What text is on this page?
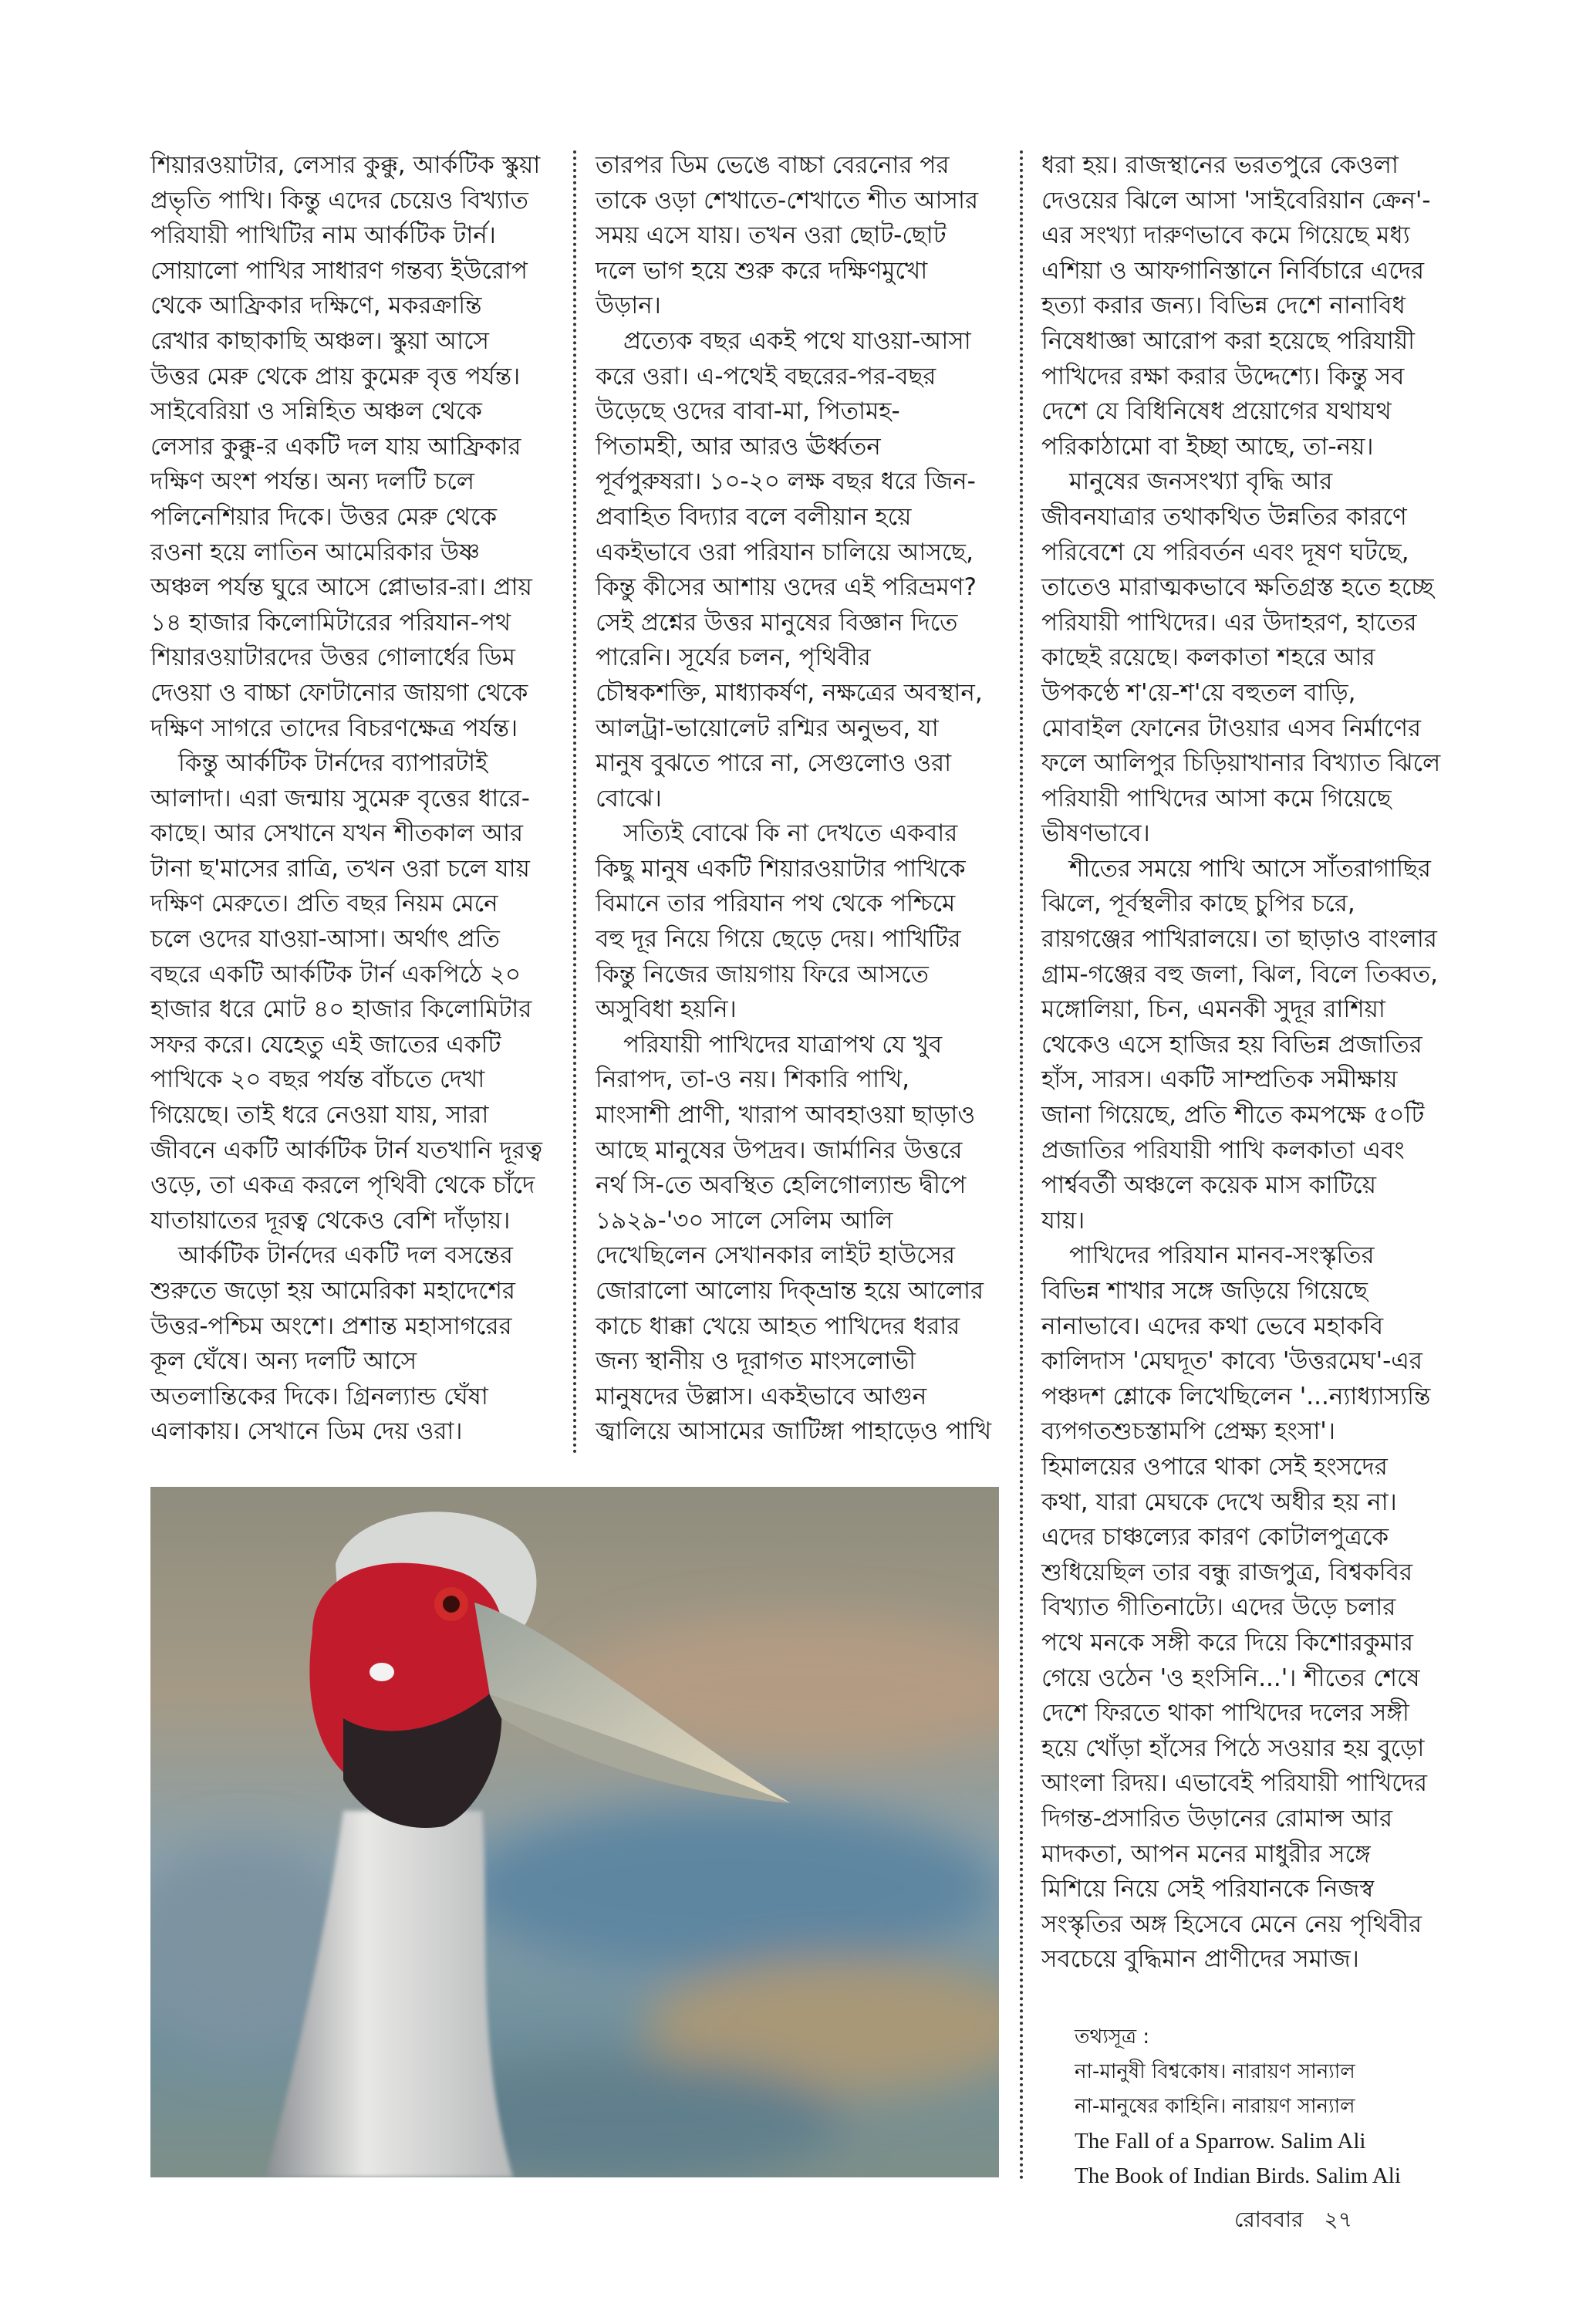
শিয়ারওয়াটার, লেসার কুক্কু, আর্কটিক স্কুয়া
প্রভৃতি পাখি। কিন্তু এদের চেয়েও বিখ্যাত
পরিযায়ী পাখিটির নাম আর্কটিক টার্ন।
সোয়ালো পাখির সাধারণ গন্তব্য ইউরোপ
থেকে আফ্রিকার দক্ষিণে, মকরক্রান্তি
রেখার কাছাকাছি অঞ্চল। স্কুয়া আসে
উত্তর মেরু থেকে প্রায় কুমেরু বৃত্ত পর্যন্ত।
সাইবেরিয়া ও সন্নিহিত অঞ্চল থেকে
লেসার কুক্কু-র একটি দল যায় আফ্রিকার
দক্ষিণ অংশ পর্যন্ত। অন্য দলটি চলে
পলিনেশিয়ার দিকে। উত্তর মেরু থেকে
রওনা হয়ে লাতিন আমেরিকার উষ্ণ
অঞ্চল পর্যন্ত ঘুরে আসে প্লোভার-রা। প্রায়
১৪ হাজার কিলোমিটারের পরিযান-পথ
শিয়ারওয়াটারদের উত্তর গোলার্ধের ডিম
দেওয়া ও বাচ্চা ফোটানোর জায়গা থেকে
দক্ষিণ সাগরে তাদের বিচরণক্ষেত্র পর্যন্ত।
কিন্তু আর্কটিক টার্নদের ব্যাপারটাই
আলাদা। এরা জন্মায় সুমেরু বৃত্তের ধারে-
কাছে। আর সেখানে যখন শীতকাল আর
টানা ছ'মাসের রাত্রি, তখন ওরা চলে যায়
দক্ষিণ মেরুতে। প্রতি বছর নিয়ম মেনে
চলে ওদের যাওয়া-আসা। অর্থাৎ প্রতি
বছরে একটি আর্কটিক টার্ন একপিঠে ২০
হাজার ধরে মোট ৪০ হাজার কিলোমিটার
সফর করে। যেহেতু এই জাতের একটি
পাখিকে ২০ বছর পর্যন্ত বাঁচতে দেখা
গিয়েছে। তাই ধরে নেওয়া যায়, সারা
জীবনে একটি আর্কটিক টার্ন যতখানি দূরত্ব
ওড়ে, তা একত্র করলে পৃথিবী থেকে চাঁদে
যাতায়াতের দূরত্ব থেকেও বেশি দাঁড়ায়।
আর্কটিক টার্নদের একটি দল বসন্তের
শুরুতে জড়ো হয় আমেরিকা মহাদেশের
উত্তর-পশ্চিম অংশে। প্রশান্ত মহাসাগরের
কূল ঘেঁষে। অন্য দলটি আসে
অতলান্তিকের দিকে। গ্রিনল্যান্ড ঘেঁষা
এলাকায়। সেখানে ডিম দেয় ওরা।
তারপর ডিম ভেঙে বাচ্চা বেরনোর পর
তাকে ওড়া শেখাতে-শেখাতে শীত আসার
সময় এসে যায়। তখন ওরা ছোট-ছোট
দলে ভাগ হয়ে শুরু করে দক্ষিণমুখো
উড়ান।
প্রত্যেক বছর একই পথে যাওয়া-আসা
করে ওরা। এ-পথেই বছরের-পর-বছর
উড়েছে ওদের বাবা-মা, পিতামহ-
পিতামহী, আর আরও ঊর্ধ্বতন
পূর্বপুরুষরা। ১০-২০ লক্ষ বছর ধরে জিন-
প্রবাহিত বিদ্যার বলে বলীয়ান হয়ে
একইভাবে ওরা পরিযান চালিয়ে আসছে,
কিন্তু কীসের আশায় ওদের এই পরিভ্রমণ?
সেই প্রশ্নের উত্তর মানুষের বিজ্ঞান দিতে
পারেনি। সূর্যের চলন, পৃথিবীর
চৌম্বকশক্তি, মাধ্যাকর্ষণ, নক্ষত্রের অবস্থান,
আলট্রা-ভায়োলেট রশ্মির অনুভব, যা
মানুষ বুঝতে পারে না, সেগুলোও ওরা
বোঝে।
সত্যিই বোঝে কি না দেখতে একবার
কিছু মানুষ একটি শিয়ারওয়াটার পাখিকে
বিমানে তার পরিযান পথ থেকে পশ্চিমে
বহু দূর নিয়ে গিয়ে ছেড়ে দেয়। পাখিটির
কিন্তু নিজের জায়গায় ফিরে আসতে
অসুবিধা হয়নি।
পরিযায়ী পাখিদের যাত্রাপথ যে খুব
নিরাপদ, তা-ও নয়। শিকারি পাখি,
মাংসাশী প্রাণী, খারাপ আবহাওয়া ছাড়াও
আছে মানুষের উপদ্রব। জার্মানির উত্তরে
নর্থ সি-তে অবস্থিত হেলিগোল্যান্ড দ্বীপে
১৯২৯-'৩০ সালে সেলিম আলি
দেখেছিলেন সেখানকার লাইট হাউসের
জোরালো আলোয় দিক্‌ভ্রান্ত হয়ে আলোর
কাচে ধাক্কা খেয়ে আহত পাখিদের ধরার
জন্য স্থানীয় ও দূরাগত মাংসলোভী
মানুষদের উল্লাস। একইভাবে আগুন
জ্বালিয়ে আসামের জাটিঙ্গা পাহাড়েও পাখি
ধরা হয়। রাজস্থানের ভরতপুরে কেওলা
দেওয়ের ঝিলে আসা 'সাইবেরিয়ান ক্রেন'-
এর সংখ্যা দারুণভাবে কমে গিয়েছে মধ্য
এশিয়া ও আফগানিস্তানে নির্বিচারে এদের
হত্যা করার জন্য। বিভিন্ন দেশে নানাবিধ
নিষেধাজ্ঞা আরোপ করা হয়েছে পরিযায়ী
পাখিদের রক্ষা করার উদ্দেশ্যে। কিন্তু সব
দেশে যে বিধিনিষেধ প্রয়োগের যথাযথ
পরিকাঠামো বা ইচ্ছা আছে, তা-নয়।
মানুষের জনসংখ্যা বৃদ্ধি আর
জীবনযাত্রার তথাকথিত উন্নতির কারণে
পরিবেশে যে পরিবর্তন এবং দূষণ ঘটছে,
তাতেও মারাত্মকভাবে ক্ষতিগ্রস্ত হতে হচ্ছে
পরিযায়ী পাখিদের। এর উদাহরণ, হাতের
কাছেই রয়েছে। কলকাতা শহরে আর
উপকণ্ঠে শ'য়ে-শ'য়ে বহুতল বাড়ি,
মোবাইল ফোনের টাওয়ার এসব নির্মাণের
ফলে আলিপুর চিড়িয়াখানার বিখ্যাত ঝিলে
পরিযায়ী পাখিদের আসা কমে গিয়েছে
ভীষণভাবে।
শীতের সময়ে পাখি আসে সাঁতরাগাছির
ঝিলে, পূর্বস্থলীর কাছে চুপির চরে,
রায়গঞ্জের পাখিরালয়ে। তা ছাড়াও বাংলার
গ্রাম-গঞ্জের বহু জলা, ঝিল, বিলে তিব্বত,
মঙ্গোলিয়া, চিন, এমনকী সুদূর রাশিয়া
থেকেও এসে হাজির হয় বিভিন্ন প্রজাতির
হাঁস, সারস। একটি সাম্প্রতিক সমীক্ষায়
জানা গিয়েছে, প্রতি শীতে কমপক্ষে ৫০টি
প্রজাতির পরিযায়ী পাখি কলকাতা এবং
পার্শ্ববর্তী অঞ্চলে কয়েক মাস কাটিয়ে
যায়।
পাখিদের পরিযান মানব-সংস্কৃতির
বিভিন্ন শাখার সঙ্গে জড়িয়ে গিয়েছে
নানাভাবে। এদের কথা ভেবে মহাকবি
কালিদাস 'মেঘদূত' কাব্যে 'উত্তরমেঘ'-এর
পঞ্চদশ শ্লোকে লিখেছিলেন '...ন্যাধ্যাস্যন্তি
ব্যপগতশুচস্তামপি প্রেক্ষ্য হংসা'।
হিমালয়ের ওপারে থাকা সেই হংসদের
কথা, যারা মেঘকে দেখে অধীর হয় না।
এদের চাঞ্চল্যের কারণ কোটালপুত্রকে
শুধিয়েছিল তার বন্ধু রাজপুত্র, বিশ্বকবির
বিখ্যাত গীতিনাট্যে। এদের উড়ে চলার
পথে মনকে সঙ্গী করে দিয়ে কিশোরকুমার
গেয়ে ওঠেন 'ও হংসিনি...'। শীতের শেষে
দেশে ফিরতে থাকা পাখিদের দলের সঙ্গী
হয়ে খোঁড়া হাঁসের পিঠে সওয়ার হয় বুড়ো
আংলা রিদয়। এভাবেই পরিযায়ী পাখিদের
দিগন্ত-প্রসারিত উড়ানের রোমান্স আর
মাদকতা, আপন মনের মাধুরীর সঙ্গে
মিশিয়ে নিয়ে সেই পরিযানকে নিজস্ব
সংস্কৃতির অঙ্গ হিসেবে মেনে নেয় পৃথিবীর
সবচেয়ে বুদ্ধিমান প্রাণীদের সমাজ।
তথ্যসূত্র :
না-মানুষী বিশ্বকোষ। নারায়ণ সান্যাল
না-মানুষের কাহিনি। নারায়ণ সান্যাল
The Fall of a Sparrow. Salim Ali
The Book of Indian Birds. Salim Ali
রোববার ২৭
